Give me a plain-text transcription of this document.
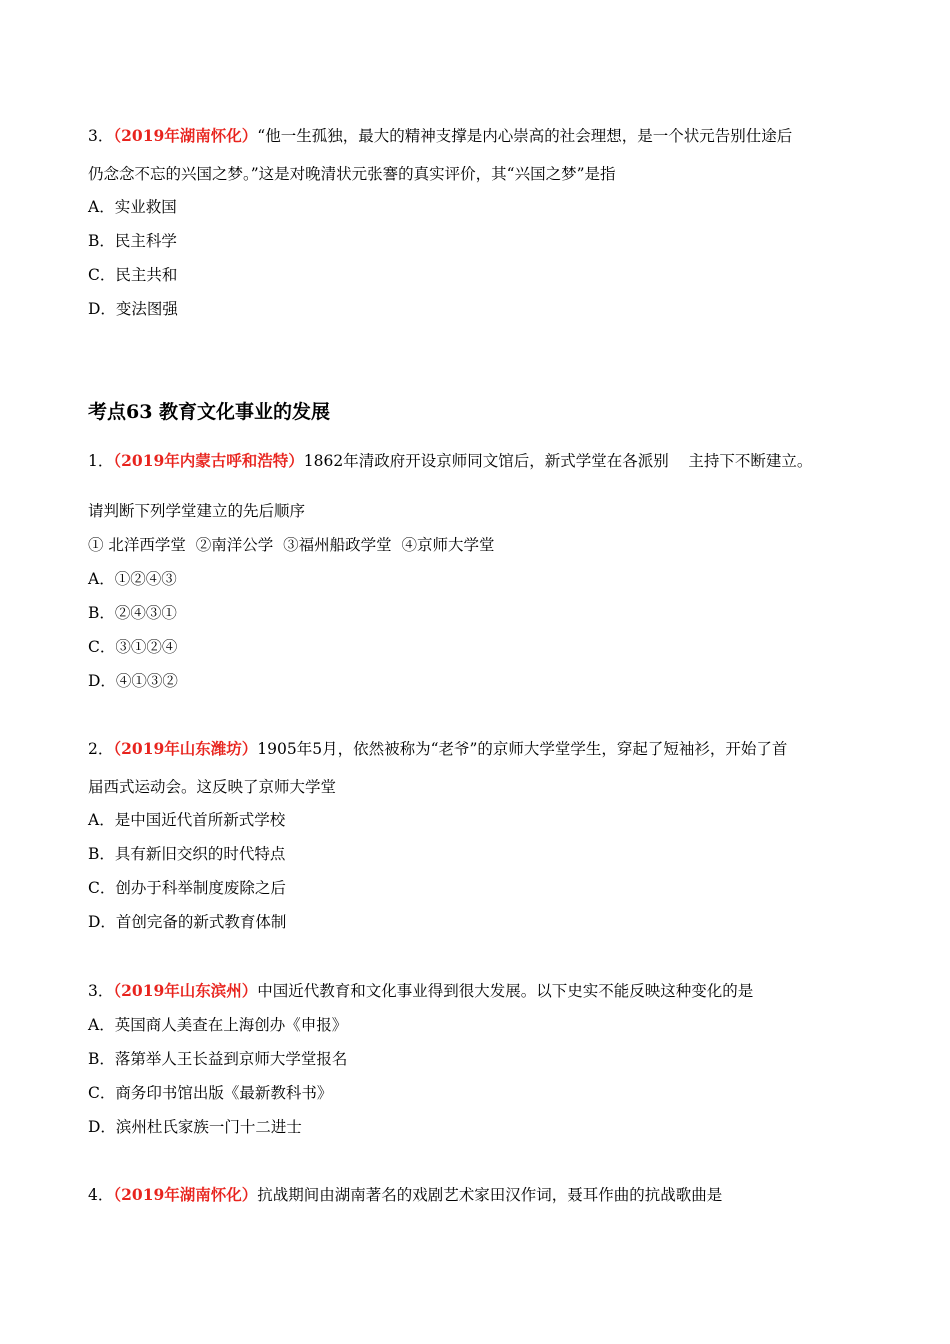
3．（2019年湖南怀化）“他一生孤独，最大的精神支撑是内心崇高的社会理想，是一个状元告别仕途后
仍念念不忘的兴国之梦。”这是对晚清状元张謇的真实评价，其“兴国之梦”是指
A．实业救国
B．民主科学
C．民主共和
D．变法图强
考点63 教育文化事业的发展
1．（2019年内蒙古呼和浩特）1862年清政府开设京师同文馆后，新式学堂在各派别    主持下不断建立。
请判断下列学堂建立的先后顺序
① 北洋西学堂  ②南洋公学  ③福州船政学堂  ④京师大学堂
A．①②④③
B．②④③①
C．③①②④
D．④①③②
2．（2019年山东潍坊）1905年5月，依然被称为“老爷”的京师大学堂学生，穿起了短袖衫，开始了首
届西式运动会。这反映了京师大学堂
A．是中国近代首所新式学校
B．具有新旧交织的时代特点
C．创办于科举制度废除之后
D．首创完备的新式教育体制
3．（2019年山东滨州）中国近代教育和文化事业得到很大发展。以下史实不能反映这种变化的是
A．英国商人美查在上海创办《申报》
B．落第举人王长益到京师大学堂报名
C．商务印书馆出版《最新教科书》
D．滨州杜氏家族一门十二进士
4．（2019年湖南怀化）抗战期间由湖南著名的戏剧艺术家田汉作词，聂耳作曲的抗战歌曲是
